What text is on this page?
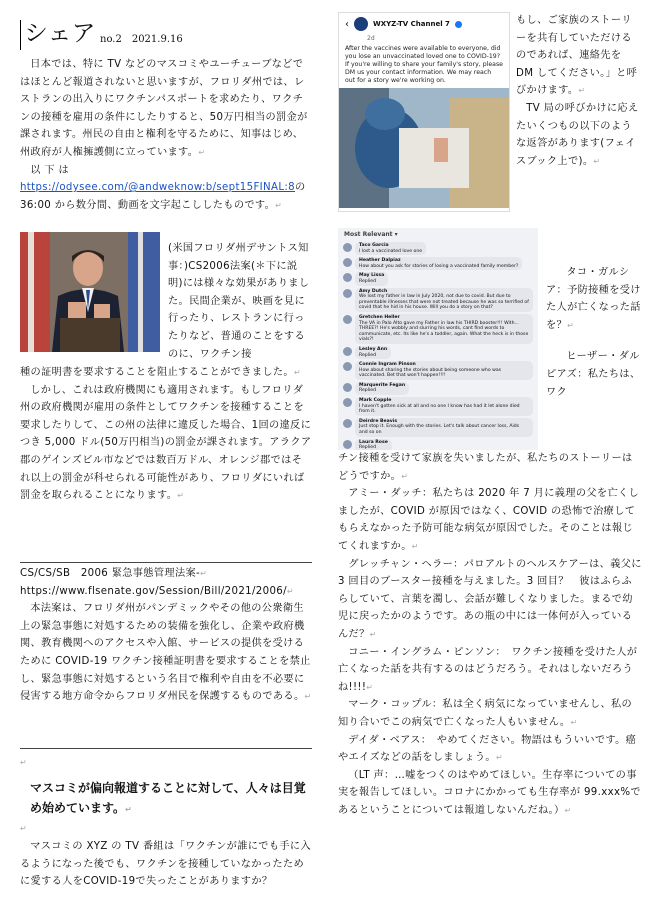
シェア no.2　2021.9.16

日本では、特に TV などのマスコミやユーチューブなどではほとんど報道されないと思いますが、フロリダ州では、レストランの出入りにワクチンパスポートを求めたり、ワクチンの接種を雇用の条件にしたりすると、50万円相当の罰金が課されます。州民の自由と権利を守るために、知事はじめ、州政府が人権擁護側に立っています。↵

以 下 は https://odysee.com/@andweknow:b/sept15FINAL:8の 36:00 から数分間、動画を文字起こししたものです。↵

(米国フロリダ州デサントス知事：)CS2006法案(＊下に説明)には様々な効果がありました。民間企業が、映画を見に行ったり、レストランに行ったりなど、普通のことをするのに、ワクチン接

種の証明書を要求することを阻止することができました。↵

しかし、これは政府機関にも適用されます。もしフロリダ州の政府機関が雇用の条件としてワクチンを接種することを要求したりして、この州の法律に違反した場合、1回の違反につき 5,000 ドル(50万円相当)の罰金が課されます。アラクア郡のゲインズビル市などでは数百万ドル、オレンジ郡ではそれ以上の罰金が科せられる可能性があり、フロリダにいれば罰金を取られることになります。↵

CS/CS/SB　2006 緊急事態管理法案-↵

https://www.flsenate.gov/Session/Bill/2021/2006/↵

本法案は、フロリダ州がパンデミックやその他の公衆衛生上の緊急事態に対処するための装備を強化し、企業や政府機関、教育機関へのアクセスや入館、サービスの提供を受けるために COVID-19 ワクチン接種証明書を要求することを禁止し、緊急事態に対処するという名目で権利や自由を不必要に侵害する地方命令からフロリダ州民を保護するものである。↵

↵
マスコミが偏向報道することに対して、人々は目覚め始めています。↵
↵

マスコミの XYZ の TV 番組は「ワクチンが誰にでも手に入るようになった後でも、ワクチンを接種していなかったために愛する人をCOVID-19で失ったことがありますか？

‹	WXYZ-TV Channel 7
2d
After the vaccines were available to everyone, did you lose an unvaccinated loved one to COVID-19? If you're willing to share your family's story, please DM us your contact information. We may reach out for a story we're working on.

もし、ご家族のストーリーを共有していただけるのであれば、連絡先を DM してください。」と呼びかけます。↵

TV 局の呼びかけに応えたいくつもの以下のような返答があります(フェイスブック上で)。↵

Most Relevant ▾
Taco Garcia
I lost a vaccinated love one
Heather Dalpiaz
How about you ask for stories of losing a vaccinated family member?
May Lissa
Replied
Amy Dutch
We lost my father in law in July 2020, not due to covid. But due to preventable illnesses that were not treated because he was so terrified of covid that he hid in his house. Will you do a story on that?
Gretchen Heller
The VA in Palo Alto gave my Father in law his THIRD booster!!! With... THREE?! He's wobbly and slurring his words, cant find words to communicate, etc. Its like he's a toddler, again. What the heck is in those vials?!
Lesley Ann
Replied
Connie Ingram Pinson
How about sharing the stories about being someone who was vaccinated. Bet that won't happen!!!!
Marquerite Fegan
Replied
Mark Copple
I haven't gotten sick at all and no one I know has had it let alone died from it.
Deirdre Beavis
Just stop it. Enough with the stories. Let's talk about cancer loss, Aids and so on
Laura Rose
Replied

タコ・ガルシア：予防接種を受けた人が亡くなった話を？↵

ヒーザー・ダルピアズ：私たちは、ワク

チン接種を受けて家族を失いましたが、私たちのストーリーはどうですか。↵

アミー・ダッチ：私たちは 2020 年 7 月に義理の父を亡くしましたが、COVID が原因ではなく、COVID の恐怖で治療してもらえなかった予防可能な病気が原因でした。そのことは報じてくれますか。↵

グレッチャン・ヘラー：パロアルトのヘルスケアーは、義父に 3 回目のブースター接種を与えました。3 回目？　彼はふらふらしていて、言葉を濁し、会話が難しくなりました。まるで幼児に戻ったかのようです。あの瓶の中には一体何が入っているんだ？↵

コニー・イングラム・ピンソン：　ワクチン接種を受けた人が亡くなった話を共有するのはどうだろう。それはしないだろうね!!!!↵

マーク・コップル：私は全く病気になっていませんし、私の知り合いでこの病気で亡くなった人もいません。↵

デイダ・ベアス：　やめてください。物語はもういいです。癌やエイズなどの話をしましょう。↵

（LT 声：…嘘をつくのはやめてほしい。生存率についての事実を報告してほしい。コロナにかかっても生存率が 99.xxx%であるということについては報道しないんだね。）↵
